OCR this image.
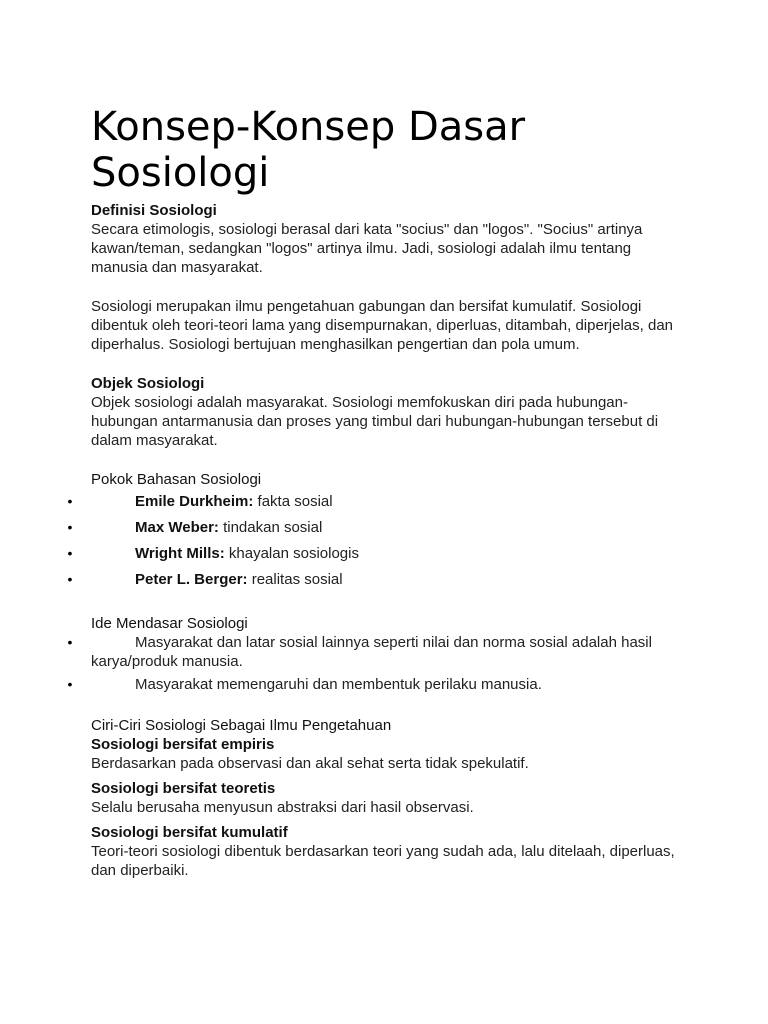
Konsep-Konsep Dasar
Sosiologi

Definisi Sosiologi

Secara etimologis, sosiologi berasal dari kata "socius" dan "logos". "Socius" artinya kawan/teman, sedangkan "logos" artinya ilmu. Jadi, sosiologi adalah ilmu tentang manusia dan masyarakat.

Sosiologi merupakan ilmu pengetahuan gabungan dan bersifat kumulatif. Sosiologi dibentuk oleh teori-teori lama yang disempurnakan, diperluas, ditambah, diperjelas, dan diperhalus. Sosiologi bertujuan menghasilkan pengertian dan pola umum.

Objek Sosiologi

Objek sosiologi adalah masyarakat. Sosiologi memfokuskan diri pada hubungan-hubungan antarmanusia dan proses yang timbul dari hubungan-hubungan tersebut di dalam masyarakat.

Pokok Bahasan Sosiologi

•	Emile Durkheim: fakta sosial
•	Max Weber: tindakan sosial
•	Wright Mills: khayalan sosiologis
•	Peter L. Berger: realitas sosial

Ide Mendasar Sosiologi

•	Masyarakat dan latar sosial lainnya seperti nilai dan norma sosial adalah hasil karya/produk manusia.
•	Masyarakat memengaruhi dan membentuk perilaku manusia.

Ciri-Ciri Sosiologi Sebagai Ilmu Pengetahuan

Sosiologi bersifat empiris

Berdasarkan pada observasi dan akal sehat serta tidak spekulatif.

Sosiologi bersifat teoretis

Selalu berusaha menyusun abstraksi dari hasil observasi.

Sosiologi bersifat kumulatif

Teori-teori sosiologi dibentuk berdasarkan teori yang sudah ada, lalu ditelaah, diperluas, dan diperbaiki.
